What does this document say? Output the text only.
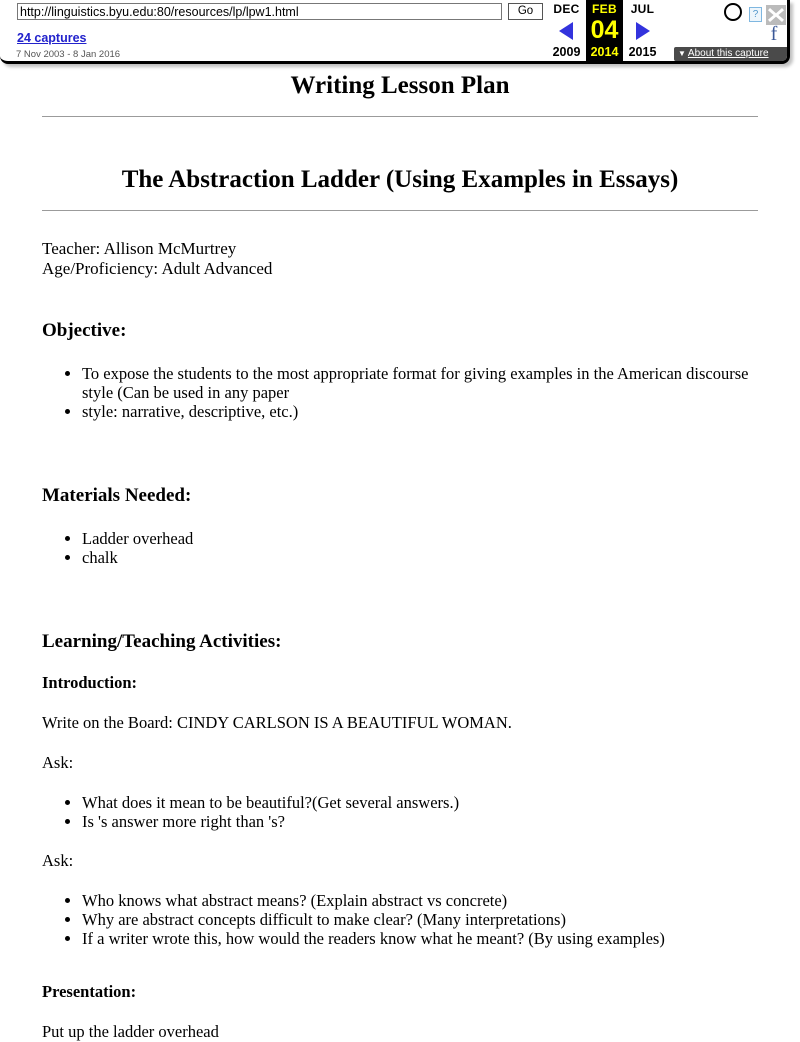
http://linguistics.byu.edu:80/resources/lp/lpw1.html
Go
24 captures
7 Nov 2003 - 8 Jan 2016
DEC
2009
FEB
04
2014
JUL
2015
?
f
▼ About this capture
Writing Lesson Plan
The Abstraction Ladder (Using Examples in Essays)

Teacher: Allison McMurtrey

Age/Proficiency: Adult Advanced

Objective:
• To expose the students to the most appropriate format for giving examples in the American discourse style (Can be used in any paper
• style: narrative, descriptive, etc.)
Materials Needed:
• Ladder overhead
• chalk
Learning/Teaching Activities:
Introduction:

Write on the Board: CINDY CARLSON IS A BEAUTIFUL WOMAN.

Ask:

• What does it mean to be beautiful?(Get several answers.)
• Is 's answer more right than 's?

Ask:

• Who knows what abstract means? (Explain abstract vs concrete)
• Why are abstract concepts difficult to make clear? (Many interpretations)
• If a writer wrote this, how would the readers know what he meant? (By using examples)
Presentation:

Put up the ladder overhead
